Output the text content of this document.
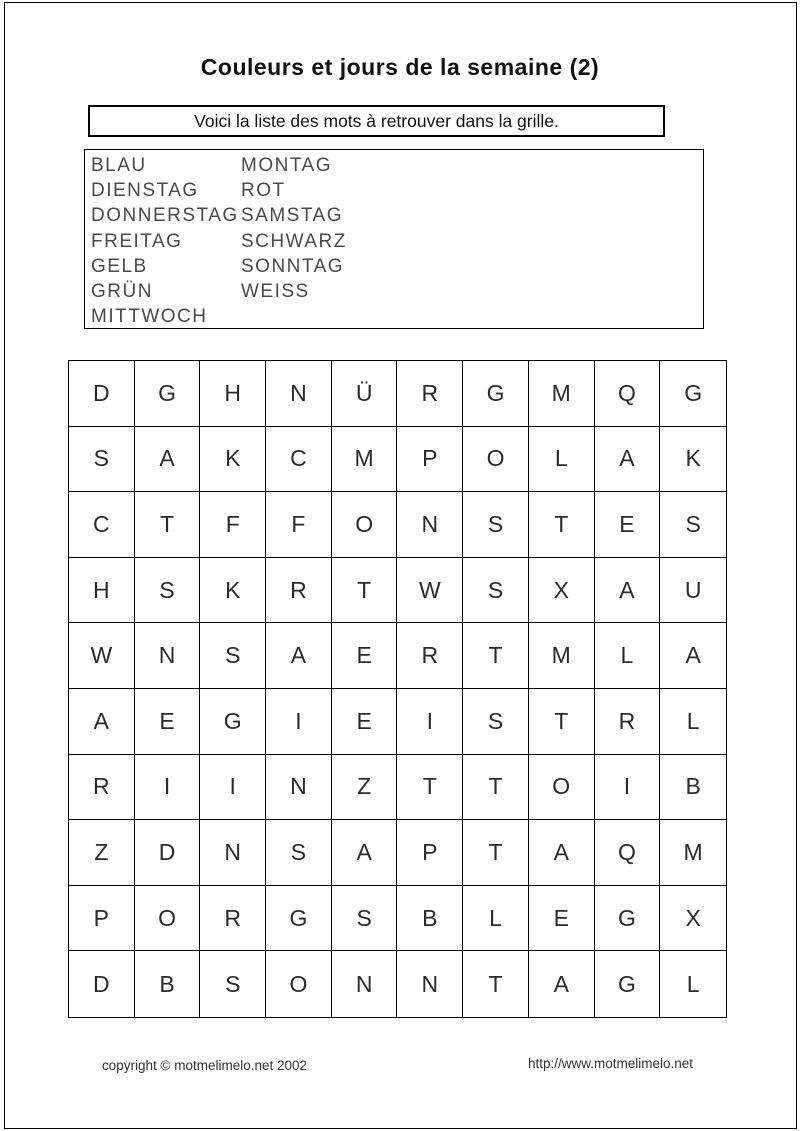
Couleurs et jours de la semaine (2)
Voici la liste des mots à retrouver dans la grille.
BLAU
DIENSTAG
DONNERSTAG
FREITAG
GELB
GRÜN
MITTWOCH
MONTAG
ROT
SAMSTAG
SCHWARZ
SONNTAG
WEISS
D	G	H	N	Ü	R	G	M	Q	G
S	A	K	C	M	P	O	L	A	K
C	T	F	F	O	N	S	T	E	S
H	S	K	R	T	W	S	X	A	U
W	N	S	A	E	R	T	M	L	A
A	E	G	I	E	I	S	T	R	L
R	I	I	N	Z	T	T	O	I	B
Z	D	N	S	A	P	T	A	Q	M
P	O	R	G	S	B	L	E	G	X
D	B	S	O	N	N	T	A	G	L
copyright © motmelimelo.net 2002	http://www.motmelimelo.net
